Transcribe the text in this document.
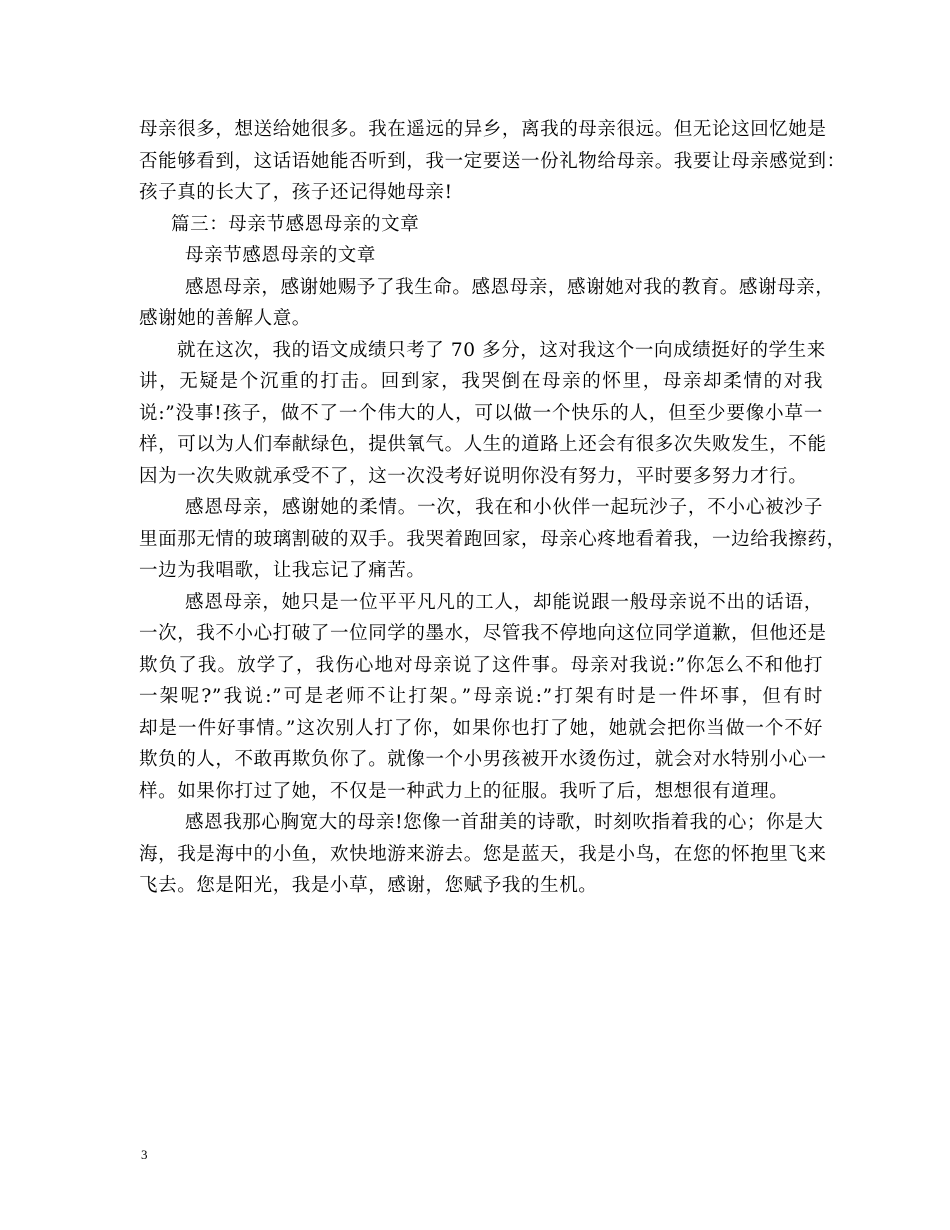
母亲很多，想送给她很多。我在遥远的异乡，离我的母亲很远。但无论这回忆她是
否能够看到，这话语她能否听到，我一定要送一份礼物给母亲。我要让母亲感觉到：
孩子真的长大了，孩子还记得她母亲!
篇三：母亲节感恩母亲的文章
母亲节感恩母亲的文章
感恩母亲，感谢她赐予了我生命。感恩母亲，感谢她对我的教育。感谢母亲，
感谢她的善解人意。
就在这次，我的语文成绩只考了 70 多分，这对我这个一向成绩挺好的学生来
讲，无疑是个沉重的打击。回到家，我哭倒在母亲的怀里，母亲却柔情的对我
说:”没事!孩子，做不了一个伟大的人，可以做一个快乐的人，但至少要像小草一
样，可以为人们奉献绿色，提供氧气。人生的道路上还会有很多次失败发生，不能
因为一次失败就承受不了，这一次没考好说明你没有努力，平时要多努力才行。
感恩母亲，感谢她的柔情。一次，我在和小伙伴一起玩沙子，不小心被沙子
里面那无情的玻璃割破的双手。我哭着跑回家，母亲心疼地看着我，一边给我擦药，
一边为我唱歌，让我忘记了痛苦。
感恩母亲，她只是一位平平凡凡的工人，却能说跟一般母亲说不出的话语，
一次，我不小心打破了一位同学的墨水，尽管我不停地向这位同学道歉，但他还是
欺负了我。放学了，我伤心地对母亲说了这件事。母亲对我说:”你怎么不和他打
一架呢?”我说:”可是老师不让打架。”母亲说:”打架有时是一件坏事，但有时
却是一件好事情。”这次别人打了你，如果你也打了她，她就会把你当做一个不好
欺负的人，不敢再欺负你了。就像一个小男孩被开水烫伤过，就会对水特别小心一
样。如果你打过了她，不仅是一种武力上的征服。我听了后，想想很有道理。
感恩我那心胸宽大的母亲!您像一首甜美的诗歌，时刻吹指着我的心；你是大
海，我是海中的小鱼，欢快地游来游去。您是蓝天，我是小鸟，在您的怀抱里飞来
飞去。您是阳光，我是小草，感谢，您赋予我的生机。
3
